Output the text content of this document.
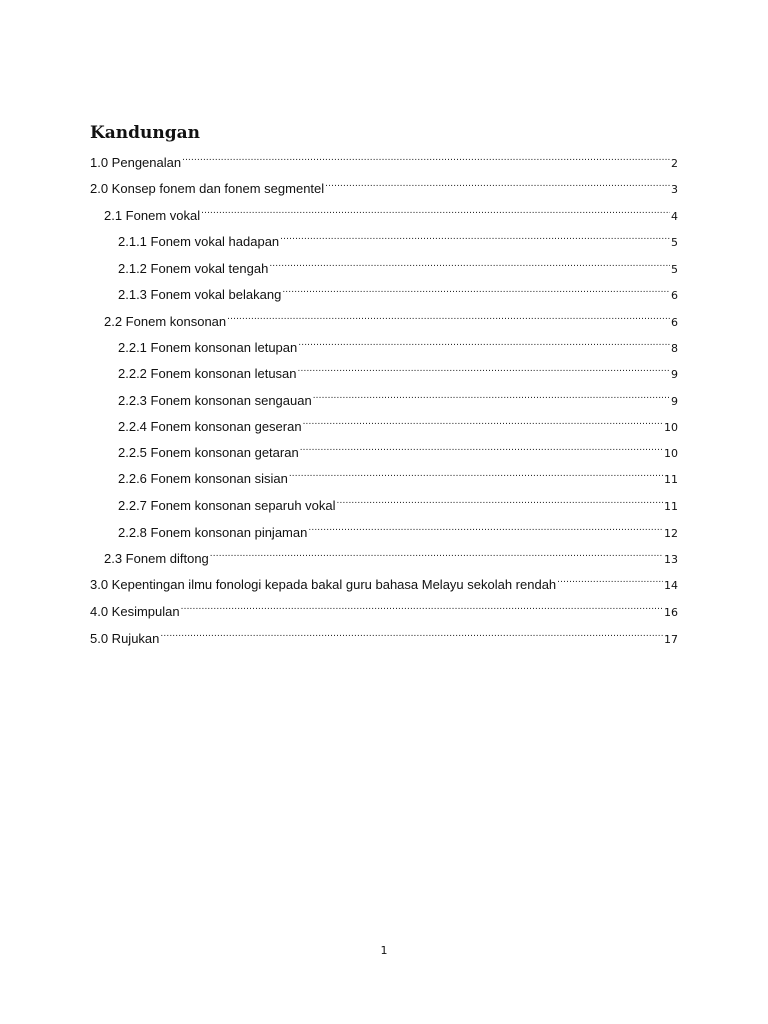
Kandungan
1.0 Pengenalan .....	2
2.0 Konsep fonem dan fonem segmentel .....	3
2.1 Fonem vokal .....	4
2.1.1 Fonem vokal hadapan .....	5
2.1.2 Fonem vokal tengah .....	5
2.1.3 Fonem vokal belakang .....	6
2.2 Fonem konsonan .....	6
2.2.1 Fonem konsonan letupan .....	8
2.2.2 Fonem konsonan letusan .....	9
2.2.3 Fonem konsonan sengauan .....	9
2.2.4 Fonem konsonan geseran .....	10
2.2.5 Fonem konsonan getaran .....	10
2.2.6 Fonem konsonan sisian .....	11
2.2.7 Fonem konsonan separuh vokal .....	11
2.2.8 Fonem konsonan pinjaman .....	12
2.3 Fonem diftong .....	13
3.0 Kepentingan ilmu fonologi kepada bakal guru bahasa Melayu sekolah rendah .....	14
4.0 Kesimpulan .....	16
5.0 Rujukan .....	17
1
